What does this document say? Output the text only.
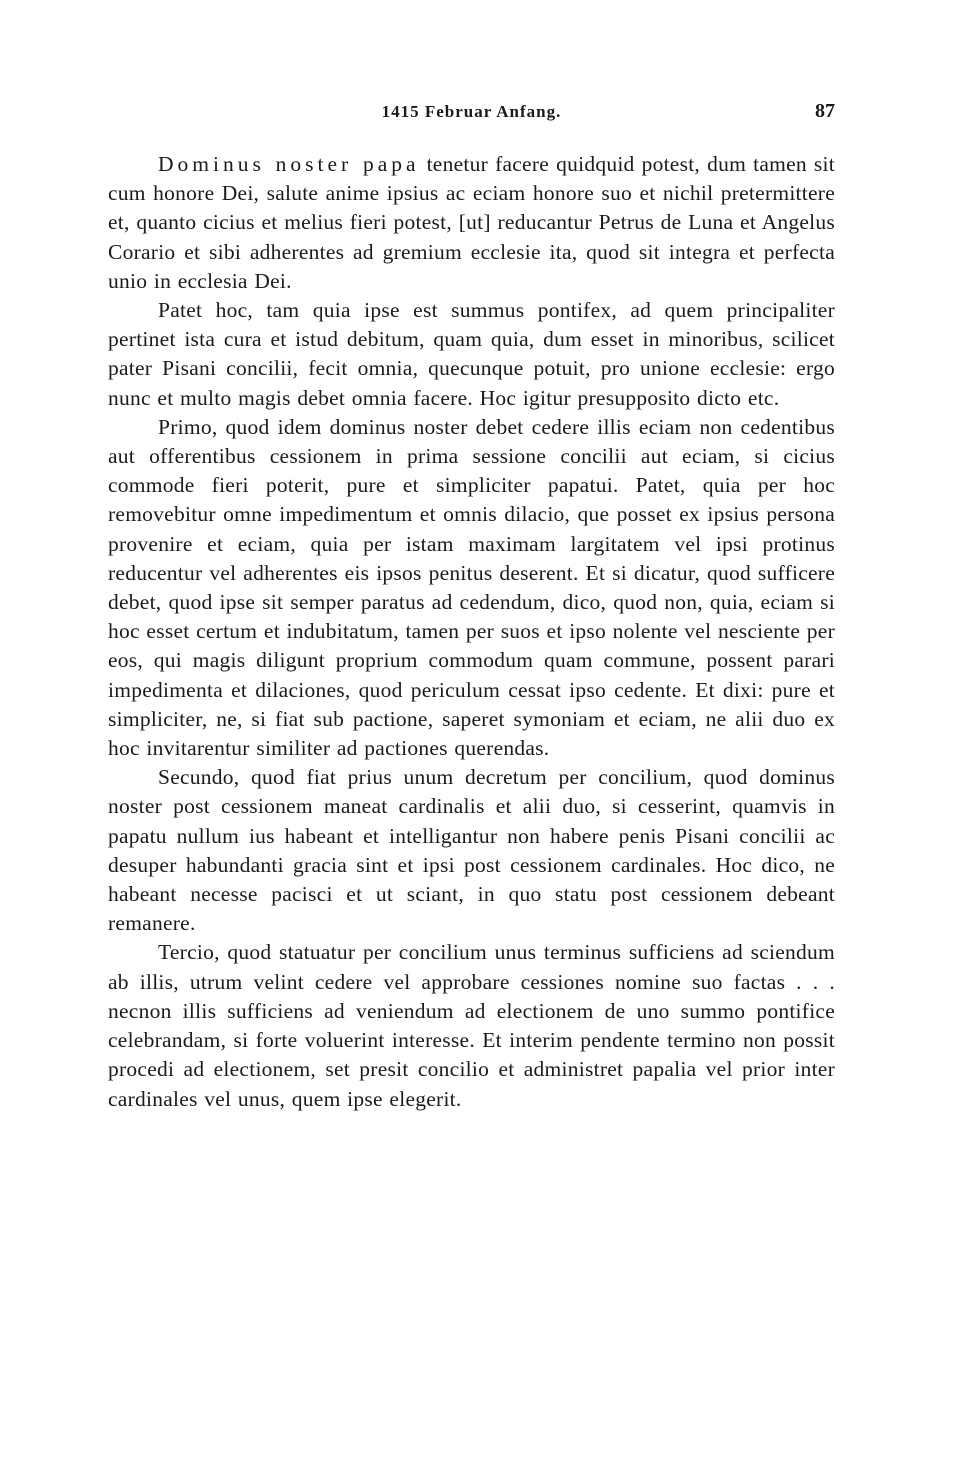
1415 Februar Anfang.	87

Dominus noster papa tenetur facere quidquid potest, dum tamen sit cum honore Dei, salute anime ipsius ac eciam honore suo et nichil pretermittere et, quanto cicius et melius fieri potest, [ut] reducantur Petrus de Luna et Angelus Corario et sibi adherentes ad gremium ecclesie ita, quod sit integra et perfecta unio in ecclesia Dei.

Patet hoc, tam quia ipse est summus pontifex, ad quem principaliter pertinet ista cura et istud debitum, quam quia, dum esset in minoribus, scilicet pater Pisani concilii, fecit omnia, quecunque potuit, pro unione ecclesie: ergo nunc et multo magis debet omnia facere. Hoc igitur presupposito dicto etc.

Primo, quod idem dominus noster debet cedere illis eciam non cedentibus aut offerentibus cessionem in prima sessione concilii aut eciam, si cicius commode fieri poterit, pure et simpliciter papatui. Patet, quia per hoc removebitur omne impedimentum et omnis dilacio, que posset ex ipsius persona provenire et eciam, quia per istam maximam largitatem vel ipsi protinus reducentur vel adherentes eis ipsos penitus deserent. Et si dicatur, quod sufficere debet, quod ipse sit semper paratus ad cedendum, dico, quod non, quia, eciam si hoc esset certum et indubitatum, tamen per suos et ipso nolente vel nesciente per eos, qui magis diligunt proprium commodum quam commune, possent parari impedimenta et dilaciones, quod periculum cessat ipso cedente. Et dixi: pure et simpliciter, ne, si fiat sub pactione, saperet symoniam et eciam, ne alii duo ex hoc invitarentur similiter ad pactiones querendas.

Secundo, quod fiat prius unum decretum per concilium, quod dominus noster post cessionem maneat cardinalis et alii duo, si cesserint, quamvis in papatu nullum ius habeant et intelligantur non habere penis Pisani concilii ac desuper habundanti gracia sint et ipsi post cessionem cardinales. Hoc dico, ne habeant necesse pacisci et ut sciant, in quo statu post cessionem debeant remanere.

Tercio, quod statuatur per concilium unus terminus sufficiens ad sciendum ab illis, utrum velint cedere vel approbare cessiones nomine suo factas . . . necnon illis sufficiens ad veniendum ad electionem de uno summo pontifice celebrandam, si forte voluerint interesse. Et interim pendente termino non possit procedi ad electionem, set presit concilio et administret papalia vel prior inter cardinales vel unus, quem ipse elegerit.
